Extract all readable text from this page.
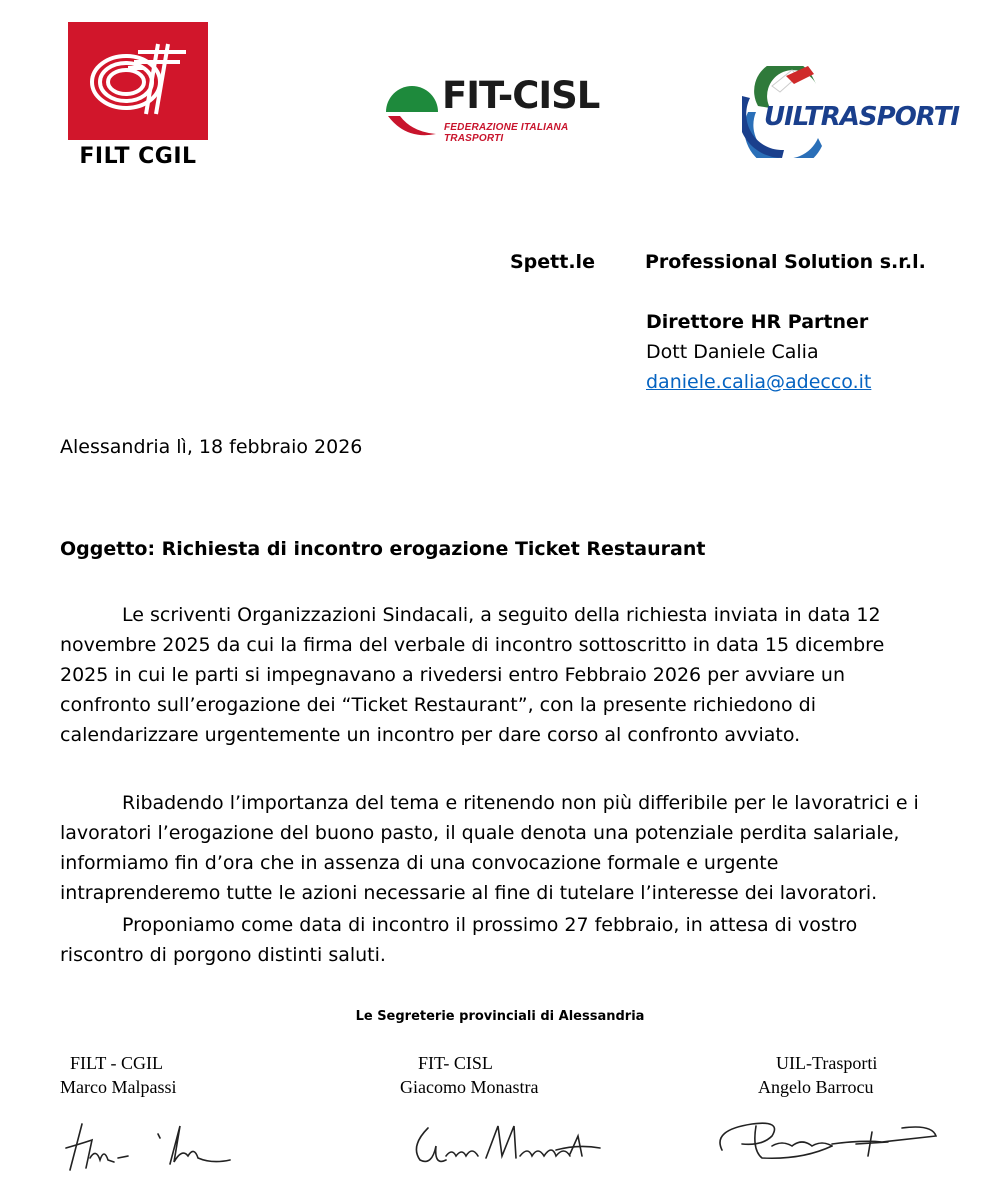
FILT CGIL
FIT-CISL
FEDERAZIONE ITALIANA TRASPORTI
UILTRASPORTI
Spett.le	Professional Solution s.r.l.
Direttore HR Partner
Dott Daniele Calia
daniele.calia@adecco.it
Alessandria lì, 18 febbraio 2026
Oggetto: Richiesta di incontro erogazione Ticket Restaurant
Le scriventi Organizzazioni Sindacali, a seguito della richiesta inviata in data 12 novembre 2025 da cui la firma del verbale di incontro sottoscritto in data 15 dicembre 2025 in cui le parti si impegnavano a rivedersi entro Febbraio 2026 per avviare un confronto sull’erogazione dei “Ticket Restaurant”, con la presente richiedono di calendarizzare urgentemente un incontro per dare corso al confronto avviato.
Ribadendo l’importanza del tema e ritenendo non più differibile per le lavoratrici e i lavoratori l’erogazione del buono pasto, il quale denota una potenziale perdita salariale, informiamo fin d’ora che in assenza di una convocazione formale e urgente intraprenderemo tutte le azioni necessarie al fine di tutelare l’interesse dei lavoratori.
Proponiamo come data di incontro il prossimo 27 febbraio, in attesa di vostro riscontro di porgono distinti saluti.
Le Segreterie provinciali di Alessandria
FILT - CGIL
Marco Malpassi
FIT- CISL
Giacomo Monastra
UIL-Trasporti
Angelo Barrocu
